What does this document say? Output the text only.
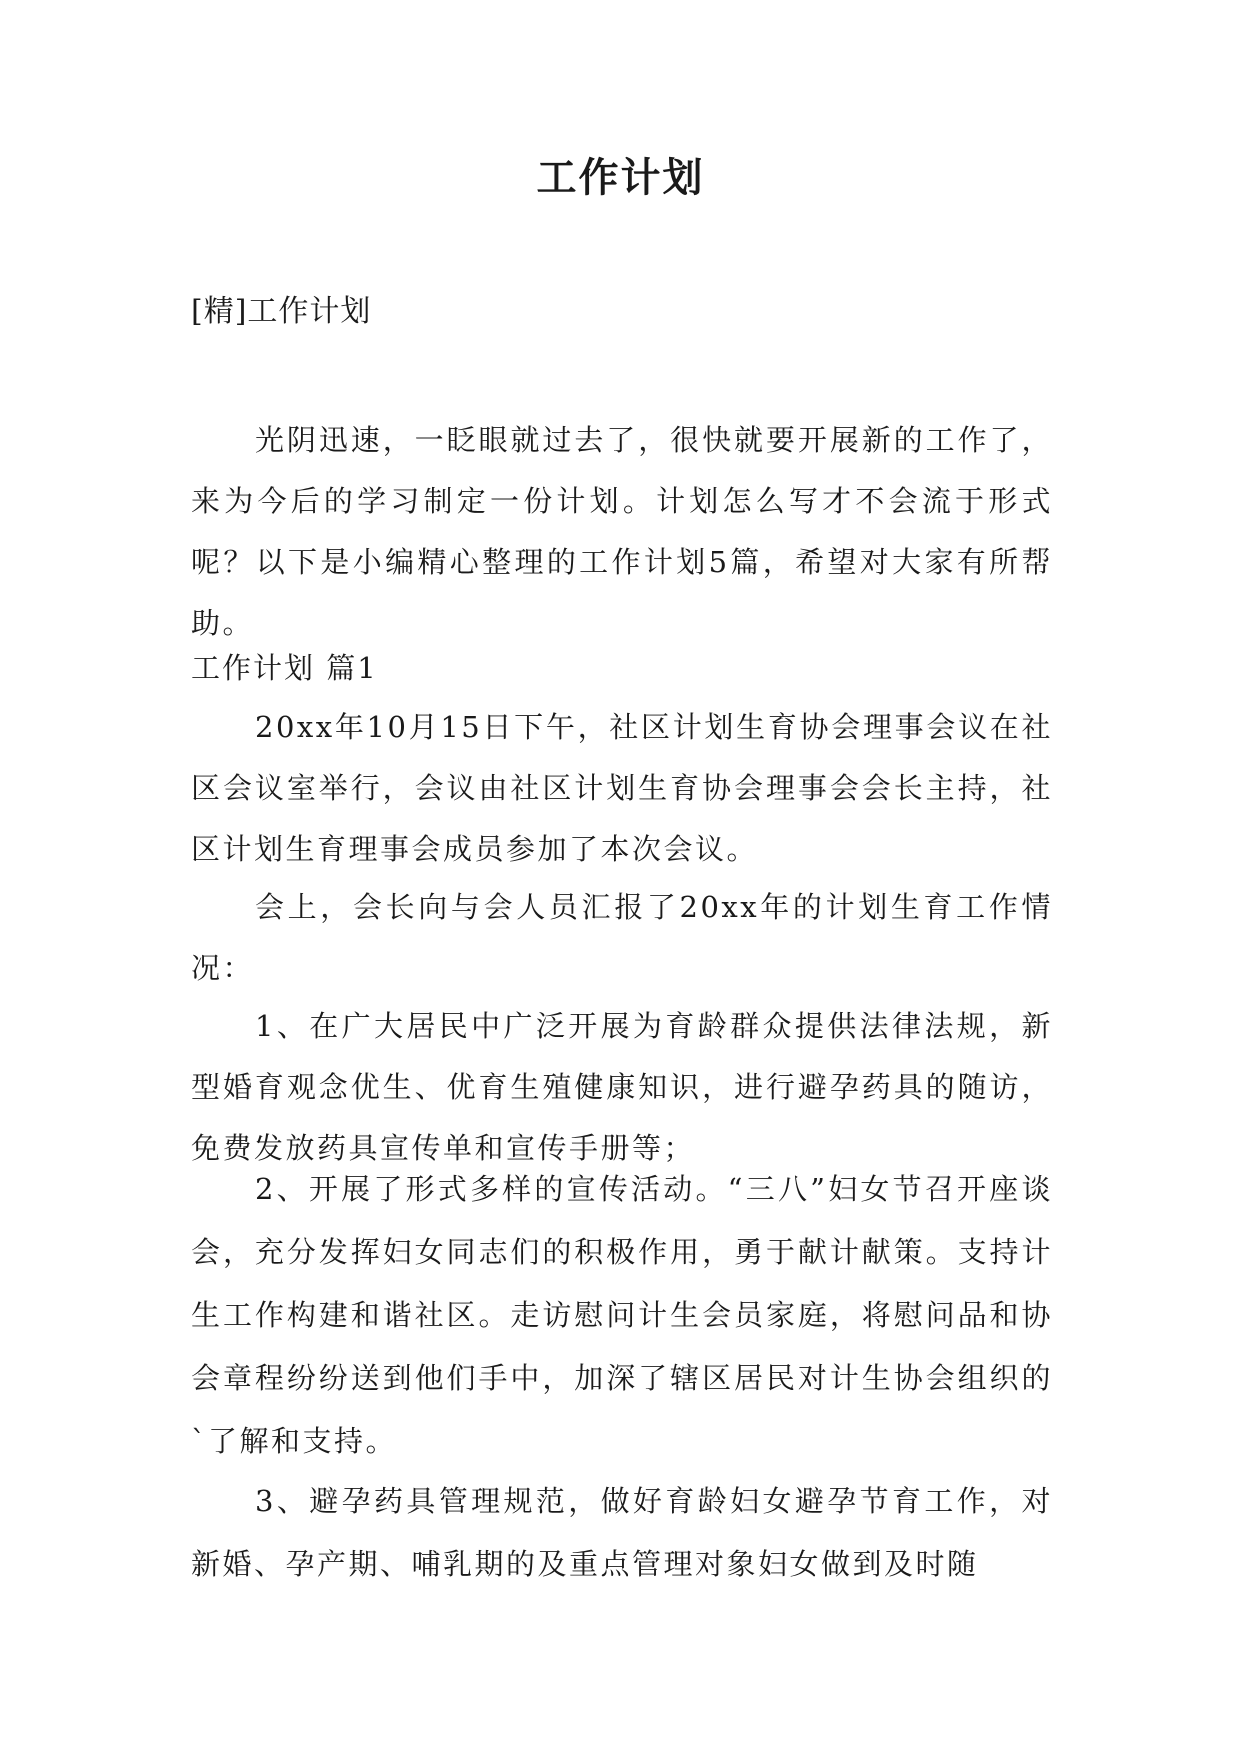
工作计划
[精]工作计划

光阴迅速，一眨眼就过去了，很快就要开展新的工作了，来为今后的学习制定一份计划。计划怎么写才不会流于形式呢？以下是小编精心整理的工作计划5篇，希望对大家有所帮助。

工作计划 篇1

20xx年10月15日下午，社区计划生育协会理事会议在社区会议室举行，会议由社区计划生育协会理事会会长主持，社区计划生育理事会成员参加了本次会议。

会上，会长向与会人员汇报了20xx年的计划生育工作情况：

1、在广大居民中广泛开展为育龄群众提供法律法规，新型婚育观念优生、优育生殖健康知识，进行避孕药具的随访，免费发放药具宣传单和宣传手册等；

2、开展了形式多样的宣传活动。“三八”妇女节召开座谈会，充分发挥妇女同志们的积极作用，勇于献计献策。支持计生工作构建和谐社区。走访慰问计生会员家庭，将慰问品和协会章程纷纷送到他们手中，加深了辖区居民对计生协会组织的`了解和支持。

3、避孕药具管理规范，做好育龄妇女避孕节育工作，对新婚、孕产期、哺乳期的及重点管理对象妇女做到及时随
